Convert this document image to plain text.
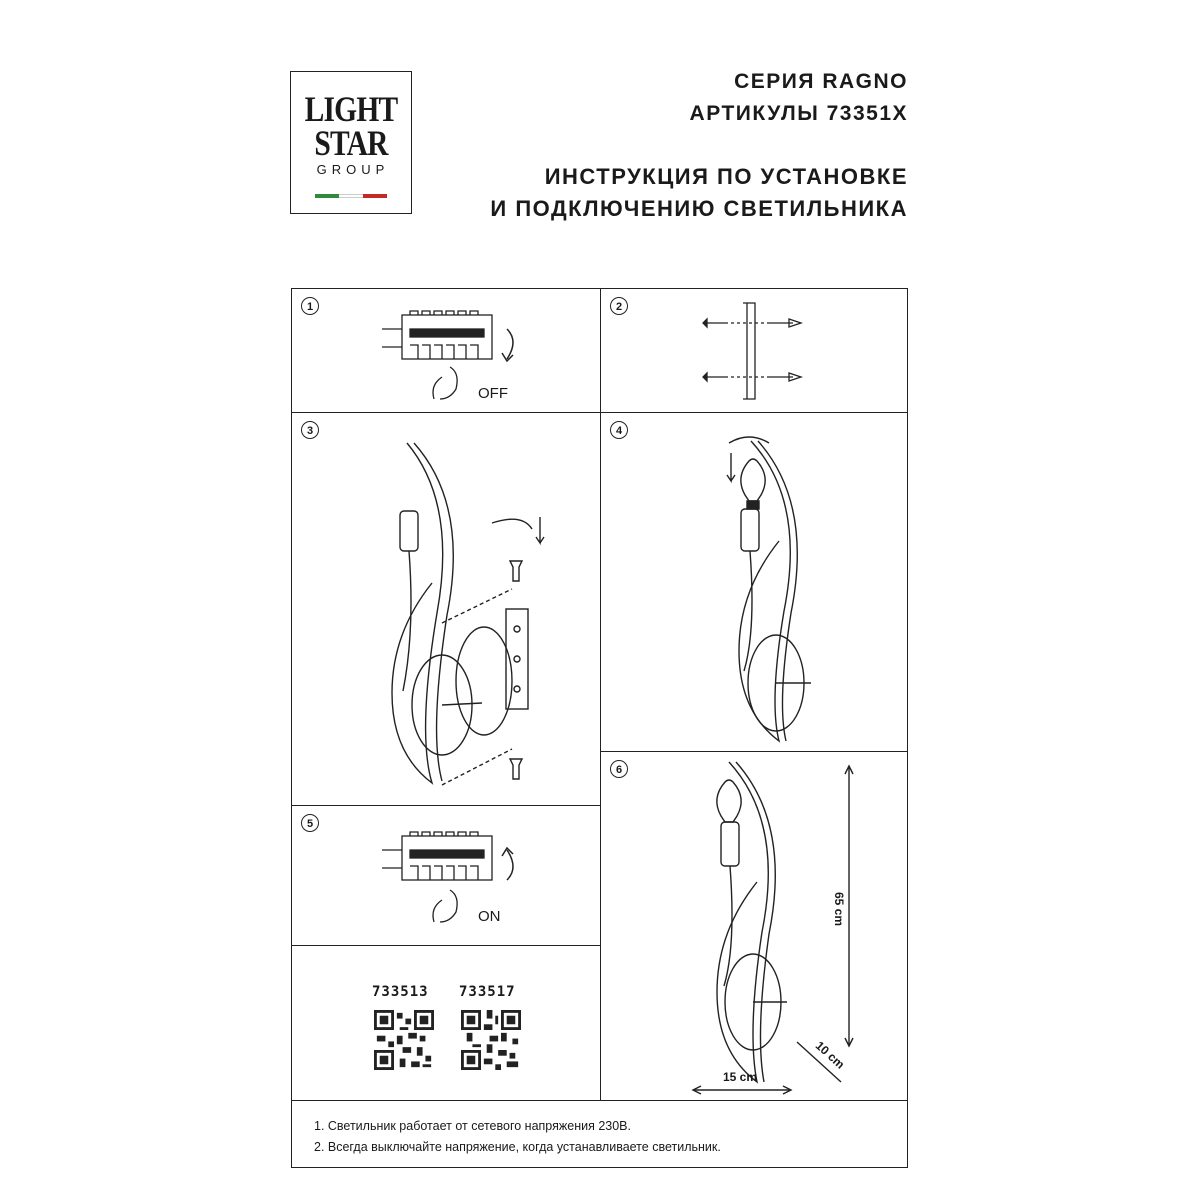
LIGHT
STAR
GROUP
СЕРИЯ RAGNO
АРТИКУЛЫ 73351X
ИНСТРУКЦИЯ ПО УСТАНОВКЕ
И ПОДКЛЮЧЕНИЮ СВЕТИЛЬНИКА
1
OFF
2
3	4
5
ON
6
65 cm
15 cm
10 cm
733513 733517
1. Светильник работает от сетевого напряжения 230В.
2. Всегда выключайте напряжение, когда устанавливаете светильник.
